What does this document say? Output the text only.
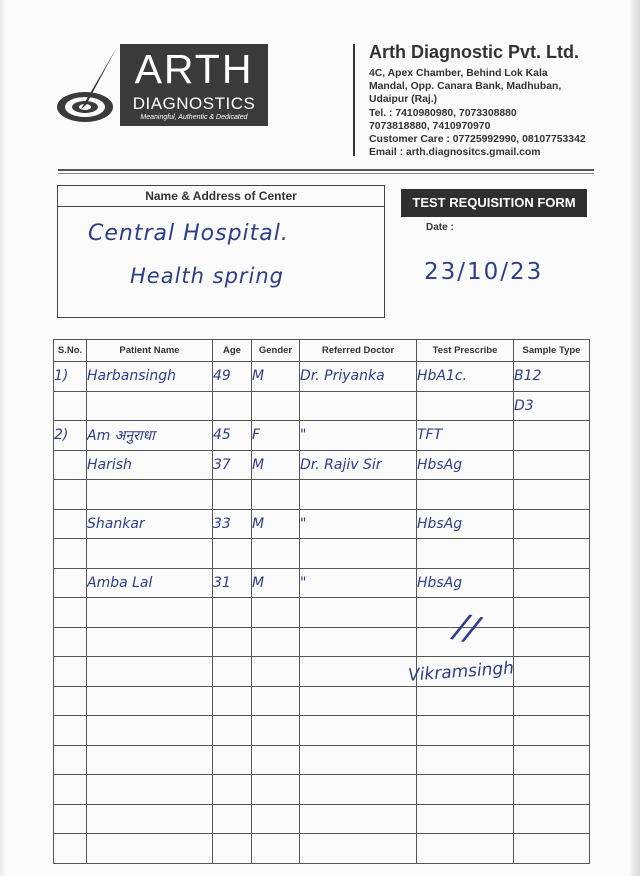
ARTH
DIAGNOSTICS
Meaningful, Authentic & Dedicated
Arth Diagnostic Pvt. Ltd.
4C, Apex Chamber, Behind Lok Kala
Mandal, Opp. Canara Bank, Madhuban,
Udaipur (Raj.)
Tel. : 7410980980, 7073308880
7073818880, 7410970970
Customer Care : 07725992990, 08107753342
Email : arth.diagnositcs.gmail.com
Name & Address of Center
Central Hospital.
Health spring
TEST REQUISITION FORM
Date :
23/10/23
S.No.	Patient Name	Age	Gender	Referred Doctor	Test Prescribe	Sample Type
1)	Harbansingh	49	M	Dr. Priyanka	HbA1c.	B12
						D3
2)	Am अनुराधा	45	F	"	TFT	
	Harish	37	M	Dr. Rajiv Sir	HbsAg	

	Shankar	33	M	"	HbsAg	

	Amba Lal	31	M	"	HbsAg	

//
Vikramsingh
